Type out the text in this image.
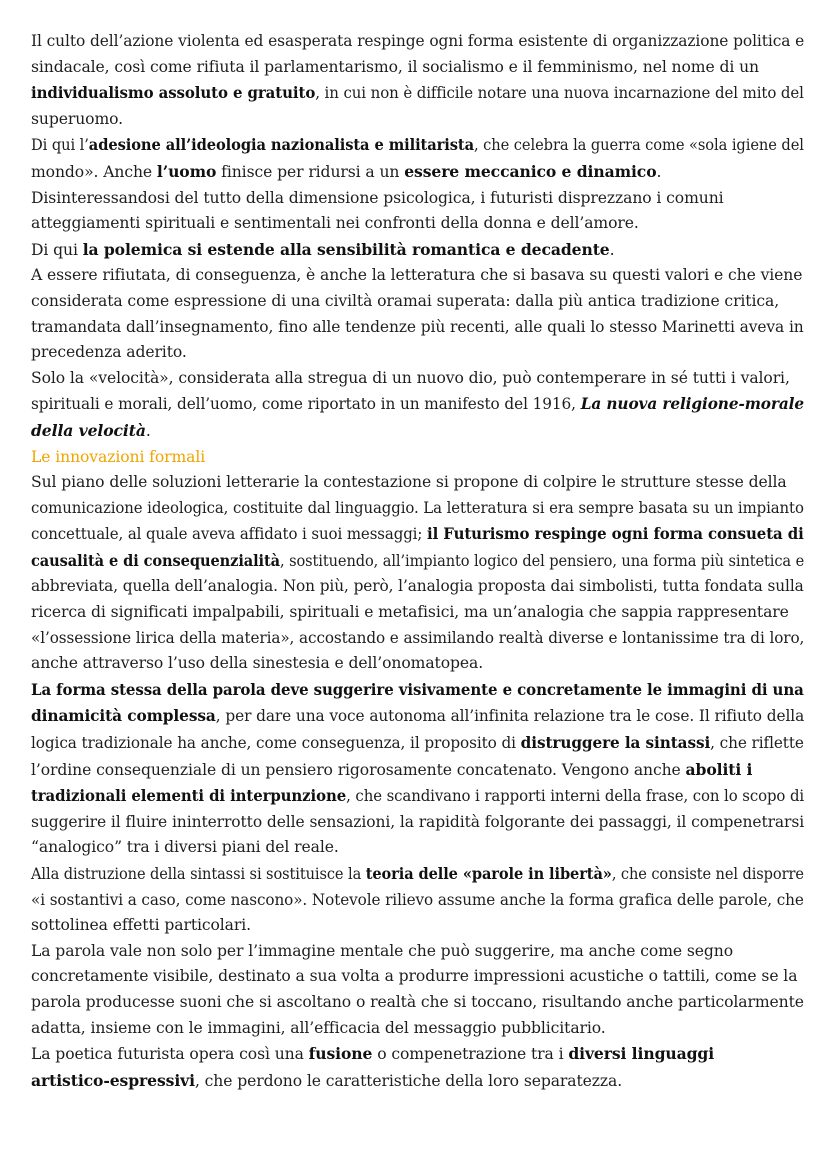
Il culto dell’azione violenta ed esasperata respinge ogni forma esistente di organizzazione politica e
sindacale, così come rifiuta il parlamentarismo, il socialismo e il femminismo, nel nome di un
individualismo assoluto e gratuito, in cui non è difficile notare una nuova incarnazione del mito del
superuomo.
Di qui l’adesione all’ideologia nazionalista e militarista, che celebra la guerra come «sola igiene del
mondo». Anche l’uomo finisce per ridursi a un essere meccanico e dinamico.
Disinteressandosi del tutto della dimensione psicologica, i futuristi disprezzano i comuni
atteggiamenti spirituali e sentimentali nei confronti della donna e dell’amore.
Di qui la polemica si estende alla sensibilità romantica e decadente.
A essere rifiutata, di conseguenza, è anche la letteratura che si basava su questi valori e che viene
considerata come espressione di una civiltà oramai superata: dalla più antica tradizione critica,
tramandata dall’insegnamento, fino alle tendenze più recenti, alle quali lo stesso Marinetti aveva in
precedenza aderito.
Solo la «velocità», considerata alla stregua di un nuovo dio, può contemperare in sé tutti i valori,
spirituali e morali, dell’uomo, come riportato in un manifesto del 1916, La nuova religione-morale
della velocità.
Le innovazioni formali
Sul piano delle soluzioni letterarie la contestazione si propone di colpire le strutture stesse della
comunicazione ideologica, costituite dal linguaggio. La letteratura si era sempre basata su un impianto
concettuale, al quale aveva affidato i suoi messaggi; il Futurismo respinge ogni forma consueta di
causalità e di consequenzialità, sostituendo, all’impianto logico del pensiero, una forma più sintetica e
abbreviata, quella dell’analogia. Non più, però, l’analogia proposta dai simbolisti, tutta fondata sulla
ricerca di significati impalpabili, spirituali e metafisici, ma un’analogia che sappia rappresentare
«l’ossessione lirica della materia», accostando e assimilando realtà diverse e lontanissime tra di loro,
anche attraverso l’uso della sinestesia e dell’onomatopea.
La forma stessa della parola deve suggerire visivamente e concretamente le immagini di una
dinamicità complessa, per dare una voce autonoma all’infinita relazione tra le cose. Il rifiuto della
logica tradizionale ha anche, come conseguenza, il proposito di distruggere la sintassi, che riflette
l’ordine consequenziale di un pensiero rigorosamente concatenato. Vengono anche aboliti i
tradizionali elementi di interpunzione, che scandivano i rapporti interni della frase, con lo scopo di
suggerire il fluire ininterrotto delle sensazioni, la rapidità folgorante dei passaggi, il compenetrarsi
“analogico” tra i diversi piani del reale.
Alla distruzione della sintassi si sostituisce la teoria delle «parole in libertà», che consiste nel disporre
«i sostantivi a caso, come nascono». Notevole rilievo assume anche la forma grafica delle parole, che
sottolinea effetti particolari.
La parola vale non solo per l’immagine mentale che può suggerire, ma anche come segno
concretamente visibile, destinato a sua volta a produrre impressioni acustiche o tattili, come se la
parola producesse suoni che si ascoltano o realtà che si toccano, risultando anche particolarmente
adatta, insieme con le immagini, all’efficacia del messaggio pubblicitario.
La poetica futurista opera così una fusione o compenetrazione tra i diversi linguaggi
artistico-espressivi, che perdono le caratteristiche della loro separatezza.
